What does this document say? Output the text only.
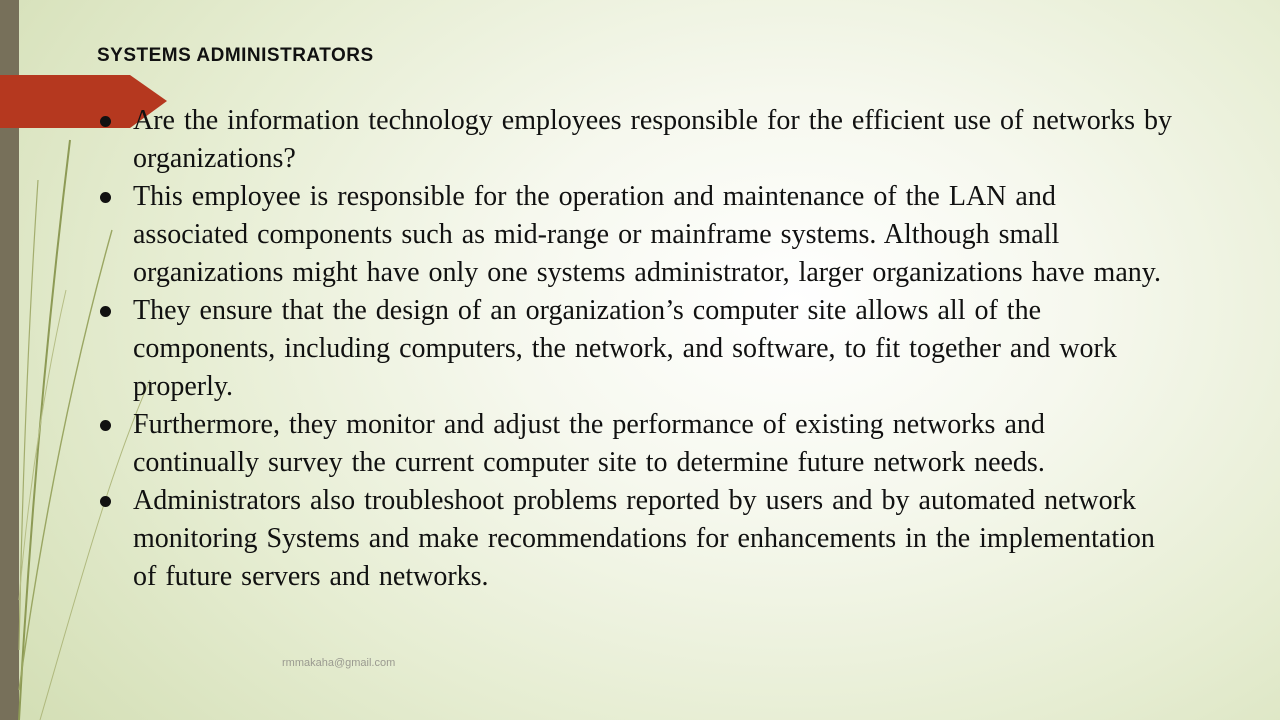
SYSTEMS ADMINISTRATORS
Are the information technology employees responsible for the efficient use of networks by organizations?
This employee is responsible for the operation and maintenance of the LAN and associated components such as mid-range or mainframe systems. Although small organizations might have only one systems administrator, larger organizations have many.
They ensure that the design of an organization’s computer site allows all of the components, including computers, the network, and software, to fit together and work properly.
Furthermore, they monitor and adjust the performance of existing networks and continually survey the current computer site to determine future network needs.
Administrators also troubleshoot problems reported by users and by automated network monitoring Systems and make recommendations for enhancements in the implementation of future servers and networks.
rmmakaha@gmail.com
